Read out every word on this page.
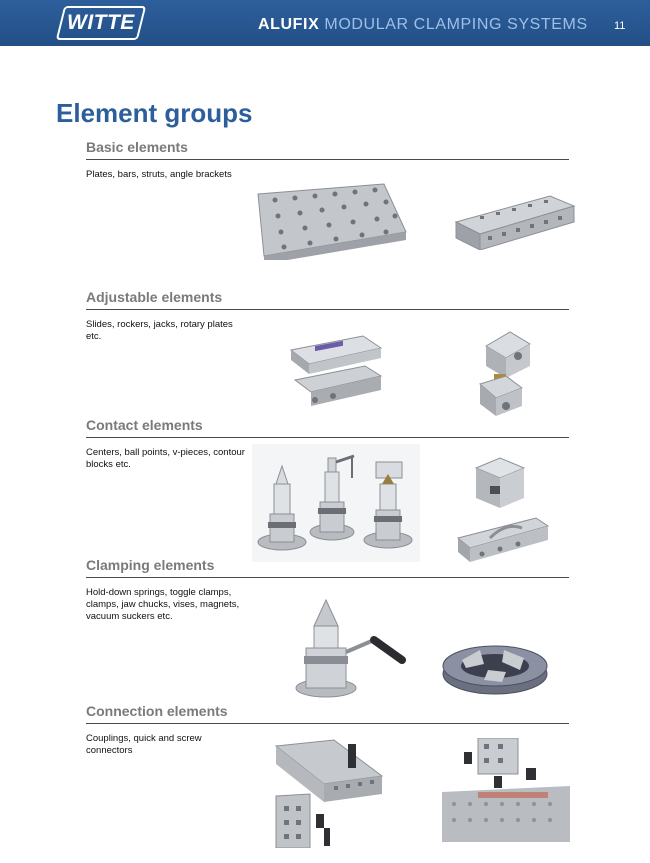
WITTE	ALUFIX MODULAR CLAMPING SYSTEMS 11
Element groups
Basic elements
Plates, bars, struts, angle brackets
Adjustable elements
Slides, rockers, jacks, rotary plates etc.
Contact elements
Centers, ball points, v-pieces, contour blocks etc.
Clamping elements
Hold-down springs, toggle clamps, clamps, jaw chucks, vises, magnets, vacuum suckers etc.
Connection elements
Couplings, quick and screw connectors
